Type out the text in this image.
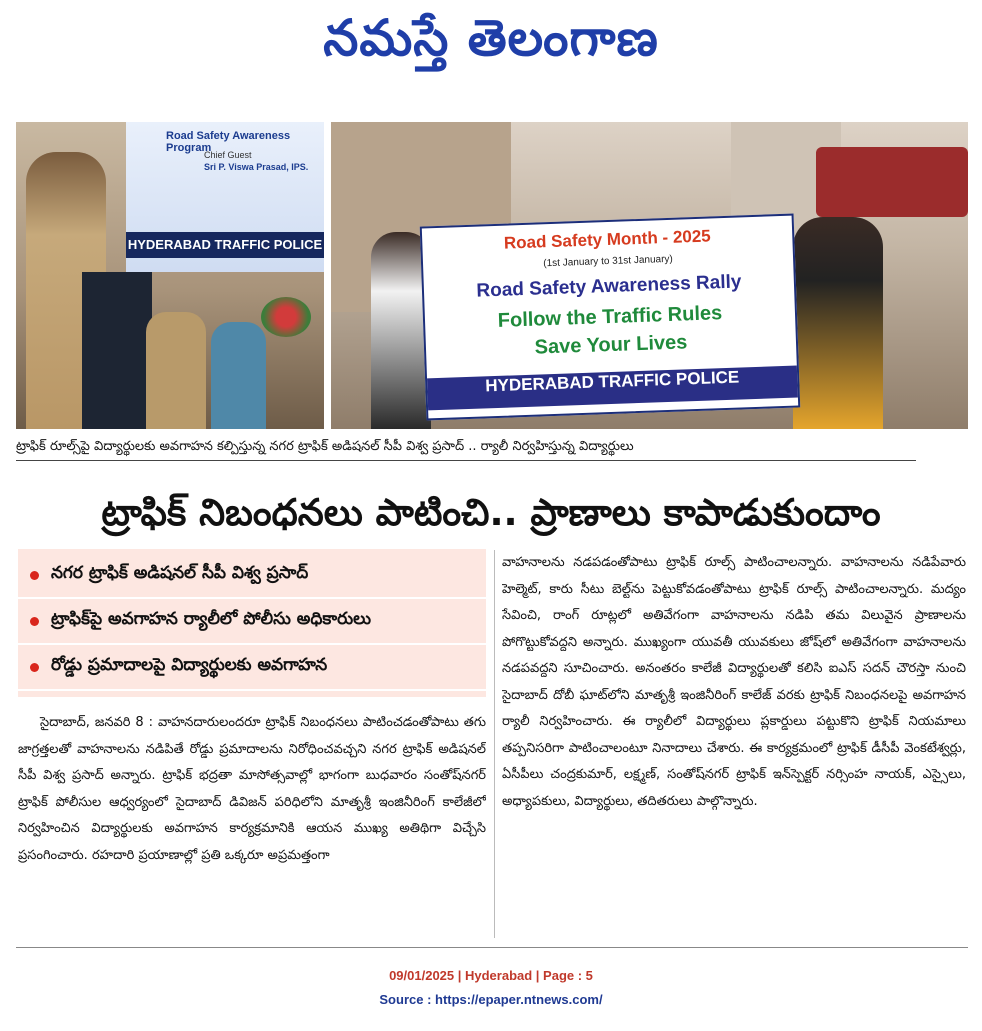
నమస్తే తెలంగాణ
Road Safety Awareness Program
Chief Guest
Sri P. Viswa Prasad, IPS.
HYDERABAD TRAFFIC POLICE	Road Safety Month - 2025
(1st January to 31st January)
Road Safety Awareness Rally
Follow the Traffic Rules
Save Your Lives
HYDERABAD TRAFFIC POLICE
ట్రాఫిక్ రూల్స్‌పై విద్యార్థులకు అవగాహన కల్పిస్తున్న నగర ట్రాఫిక్ అడిషనల్ సీపీ విశ్వ ప్రసాద్ .. ర్యాలీ నిర్వహిస్తున్న విద్యార్థులు
ట్రాఫిక్ నిబంధనలు పాటించి.. ప్రాణాలు కాపాడుకుందాం
నగర ట్రాఫిక్ అడిషనల్ సీపీ విశ్వ ప్రసాద్
ట్రాఫిక్‌పై అవగాహన ర్యాలీలో పోలీసు అధికారులు
రోడ్డు ప్రమాదాలపై విద్యార్థులకు అవగాహన
సైదాబాద్, జనవరి 8 : వాహనదారులందరూ ట్రాఫిక్ నిబంధనలు పాటించడంతోపాటు తగు జాగ్రత్తలతో వాహనాలను నడిపితే రోడ్డు ప్రమాదాలను నిరోధించవచ్చని నగర ట్రాఫిక్ అడిషనల్ సీపీ విశ్వ ప్రసాద్ అన్నారు. ట్రాఫిక్ భద్రతా మాసోత్సవాల్లో భాగంగా బుధవారం సంతోష్‌నగర్ ట్రాఫిక్ పోలీసుల ఆధ్వర్యంలో సైదాబాద్ డివిజన్ పరిధిలోని మాతృశ్రీ ఇంజినీరింగ్ కాలేజీలో నిర్వహించిన విద్యార్థులకు అవగాహన కార్యక్రమానికి ఆయన ముఖ్య అతిథిగా విచ్చేసి ప్రసంగించారు. రహదారి ప్రయాణాల్లో ప్రతి ఒక్కరూ అప్రమత్తంగా
వాహనాలను నడపడంతోపాటు ట్రాఫిక్ రూల్స్ పాటించాలన్నారు. వాహనాలను నడిపేవారు హెల్మెట్, కారు సీటు బెల్ట్‌ను పెట్టుకోవడంతోపాటు ట్రాఫిక్ రూల్స్ పాటించాలన్నారు. మద్యం సేవించి, రాంగ్ రూట్లలో అతివేగంగా వాహనాలను నడిపి తమ విలువైన ప్రాణాలను పోగొట్టుకోవద్దని అన్నారు. ముఖ్యంగా యువతీ యువకులు జోష్‌లో అతివేగంగా వాహనాలను నడపవద్దని సూచించారు. అనంతరం కాలేజీ విద్యార్థులతో కలిసి ఐఎస్ సదన్ చౌరస్తా నుంచి సైదాబాద్ దోబీ ఘాట్‌లోని మాతృశ్రీ ఇంజినీరింగ్ కాలేజ్ వరకు ట్రాఫిక్ నిబంధనలపై అవగాహన ర్యాలీ నిర్వహించారు. ఈ ర్యాలీలో విద్యార్థులు ప్లకార్డులు పట్టుకొని ట్రాఫిక్ నియమాలు తప్పనిసరిగా పాటించాలంటూ నినాదాలు చేశారు. ఈ కార్యక్రమంలో ట్రాఫిక్ డీసీపీ వెంకటేశ్వర్లు, ఏసీపీలు చంద్రకుమార్, లక్ష్మణ్, సంతోష్‌నగర్ ట్రాఫిక్ ఇన్‌స్పెక్టర్ నర్సింహ నాయక్, ఎస్సైలు, అధ్యాపకులు, విద్యార్థులు, తదితరులు పాల్గొన్నారు.
09/01/2025 | Hyderabad | Page : 5
Source : https://epaper.ntnews.com/
